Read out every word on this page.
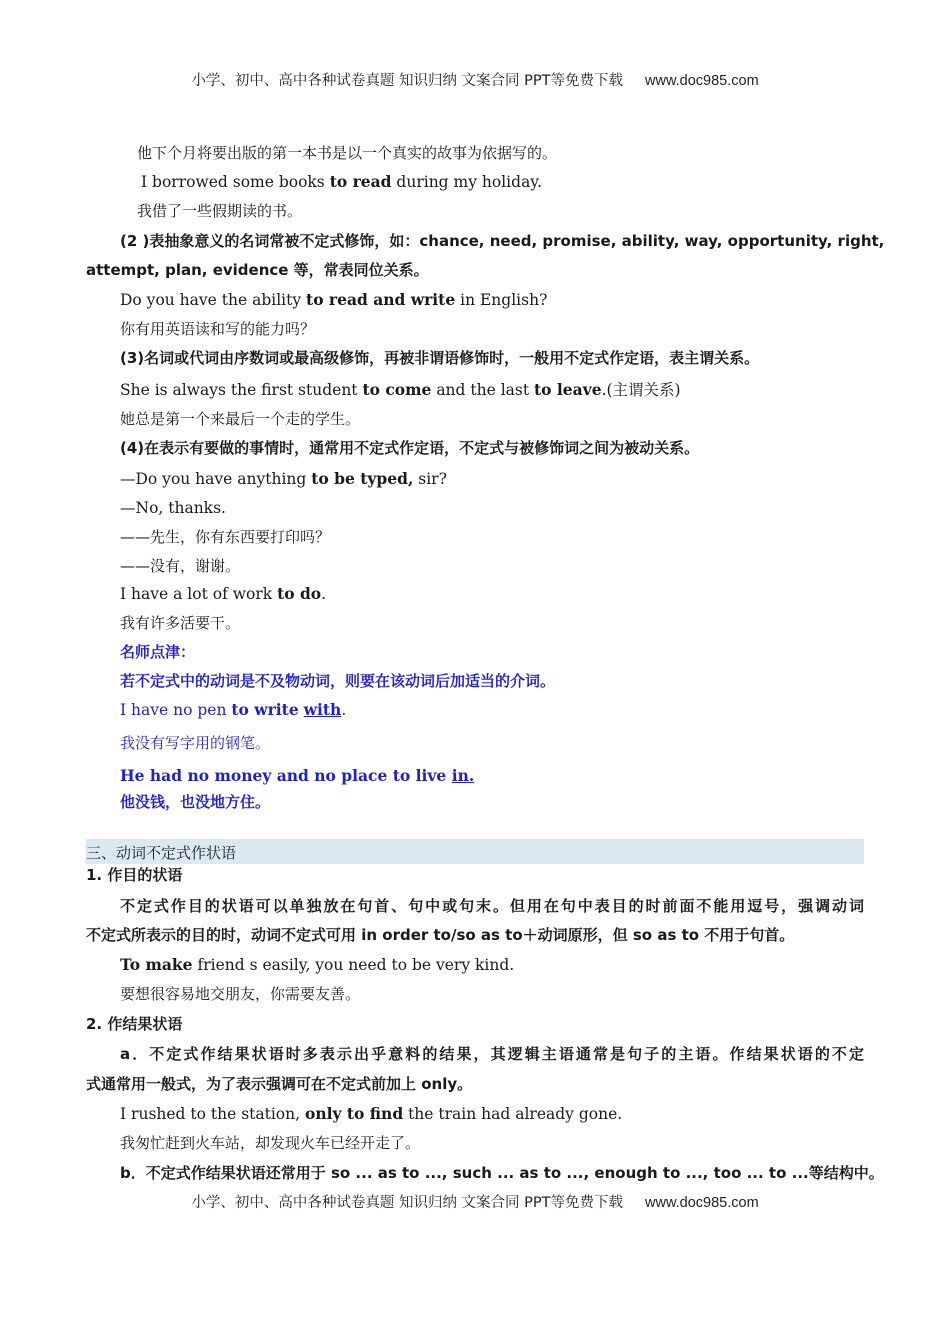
小学、初中、高中各种试卷真题 知识归纳 文案合同 PPT等免费下载 www.doc985.com
他下个月将要出版的第一本书是以一个真实的故事为依据写的。
I borrowed some books to read during my holiday.
我借了一些假期读的书。
(2 )表抽象意义的名词常被不定式修饰，如：chance, need, promise, ability, way, opportunity, right,
attempt, plan, evidence 等，常表同位关系。
Do you have the ability to read and write in English?
你有用英语读和写的能力吗？
(3)名词或代词由序数词或最高级修饰，再被非谓语修饰时，一般用不定式作定语，表主谓关系。
She is always the first student to come and the last to leave.(主谓关系)
她总是第一个来最后一个走的学生。
(4)在表示有要做的事情时，通常用不定式作定语，不定式与被修饰词之间为被动关系。
—Do you have anything to be typed, sir?
—No, thanks.
——先生，你有东西要打印吗？
——没有，谢谢。
I have a lot of work to do.
我有许多活要干。
名师点津：
若不定式中的动词是不及物动词，则要在该动词后加适当的介词。
I have no pen to write with.
我没有写字用的钢笔。
He had no money and no place to live in.
他没钱，也没地方住。
三、动词不定式作状语
1. 作目的状语
不定式作目的状语可以单独放在句首、句中或句末。但用在句中表目的时前面不能用逗号，强调动词
不定式所表示的目的时，动词不定式可用 in order to/so as to＋动词原形，但 so as to 不用于句首。
To make friend s easily, you need to be very kind.
要想很容易地交朋友，你需要友善。
2. 作结果状语
a．不定式作结果状语时多表示出乎意料的结果，其逻辑主语通常是句子的主语。作结果状语的不定
式通常用一般式，为了表示强调可在不定式前加上 only。
I rushed to the station, only to find the train had already gone.
我匆忙赶到火车站，却发现火车已经开走了。
b．不定式作结果状语还常用于 so ... as to ..., such ... as to ..., enough to ..., too ... to ...等结构中。
小学、初中、高中各种试卷真题 知识归纳 文案合同 PPT等免费下载 www.doc985.com
